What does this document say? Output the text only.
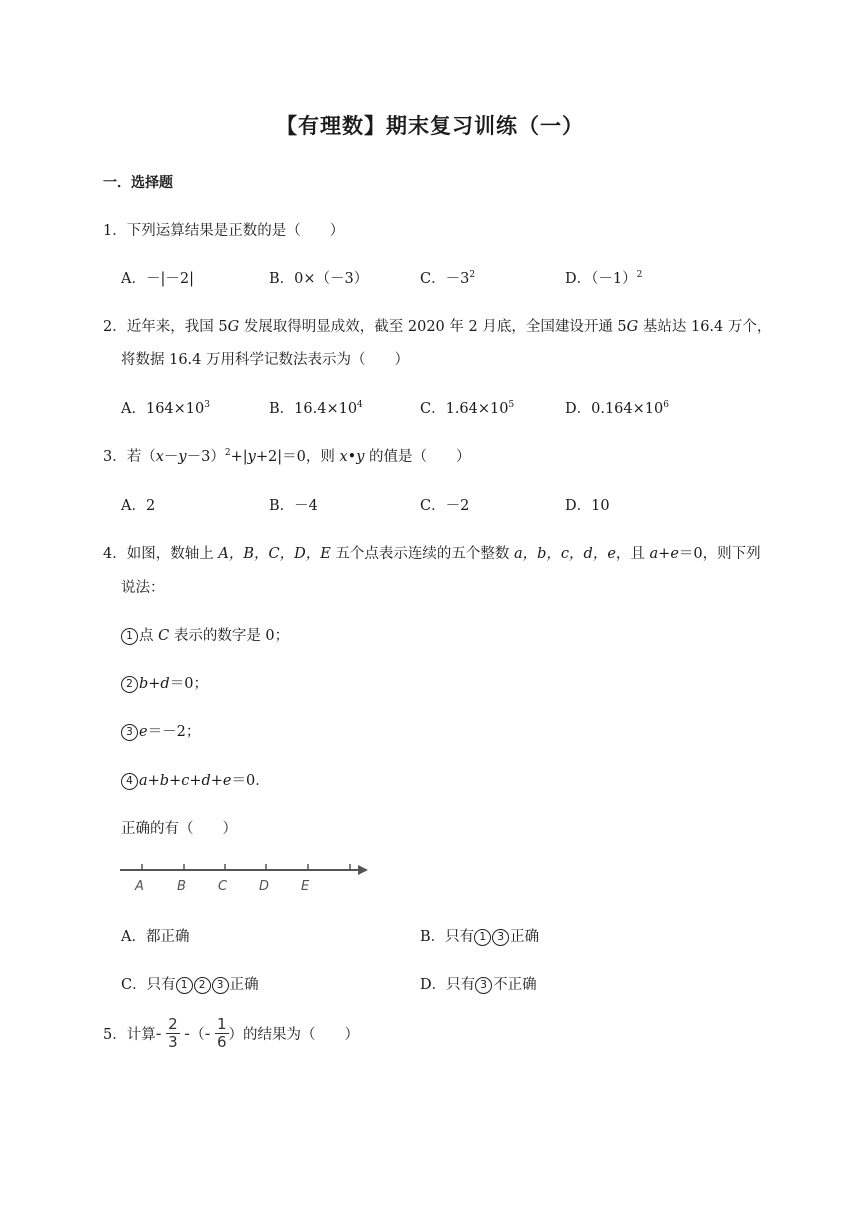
【有理数】期末复习训练（一）
一．选择题
1．下列运算结果是正数的是（　　）
A．－|－2|	B．0×（－3）	C．$-3^2$	D．$(-1)^2$
2．近年来，我国 5G 发展取得明显成效，截至 2020 年 2 月底，全国建设开通 5G 基站达 16.4 万个，
将数据 16.4 万用科学记数法表示为（　　）
A．$164\times 10^3$	B．$16.4\times 10^4$	C．$1.64\times 10^5$	D．$0.164\times 10^6$
3．若$(x-y-3)^2+|y+2|=0$，则 x•y 的值是（　　）
A．2	B．－4	C．－2	D．10
4．如图，数轴上 A，B，C，D，E 五个点表示连续的五个整数 a，b，c，d，e，且 a+e＝0，则下列
说法：
1 点 C 表示的数字是 0；
2 b+d＝0；
3 e＝－2；
4 a+b+c+d+e＝0．
正确的有（　　）
A	B C D E
A．都正确	B．只有 1 3 正确
C．只有 1 2 3 正确	D．只有 3 不正确
5．计算- $\frac{2}{3}$ -（- $\frac{1}{6}$ ）的结果为（　　）
